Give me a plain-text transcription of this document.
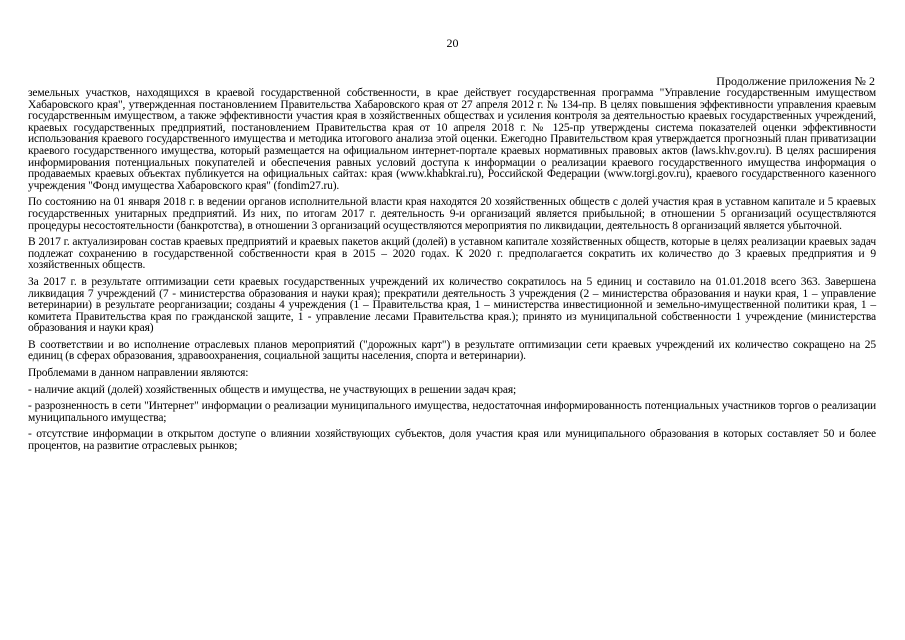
20
Продолжение приложения № 2

земельных участков, находящихся в краевой государственной собственности, в крае действует государственная программа "Управление государственным имуществом Хабаровского края", утвержденная постановлением Правительства Хабаровского края от 27 апреля 2012 г. № 134-пр. В целях повышения эффективности управления краевым государственным имуществом, а также эффективности участия края в хозяйственных обществах и усиления контроля за деятельностью краевых государственных учреждений, краевых государственных предприятий, постановлением Правительства края от 10 апреля 2018 г. № 125-пр утверждены система показателей оценки эффективности использования краевого государственного имущества и методика итогового анализа этой оценки. Ежегодно Правительством края утверждается прогнозный план приватизации краевого государственного имущества, который размещается на официальном интернет-портале краевых нормативных правовых актов (laws.khv.gov.ru). В целях расширения информирования потенциальных покупателей и обеспечения равных условий доступа к информации о реализации краевого государственного имущества информация о продаваемых краевых объектах публикуется на официальных сайтах: края (www.khabkrai.ru), Российской Федерации (www.torgi.gov.ru), краевого государственного казенного учреждения "Фонд имущества Хабаровского края" (fondim27.ru).

По состоянию на 01 января 2018 г. в ведении органов исполнительной власти края находятся 20 хозяйственных обществ с долей участия края в уставном капитале и 5 краевых государственных унитарных предприятий. Из них, по итогам 2017 г. деятельность 9-и организаций является прибыльной; в отношении 5 организаций осуществляются процедуры несостоятельности (банкротства), в отношении 3 организаций осуществляются мероприятия по ликвидации, деятельность 8 организаций является убыточной.

В 2017 г. актуализирован состав краевых предприятий и краевых пакетов акций (долей) в уставном капитале хозяйственных обществ, которые в целях реализации краевых задач подлежат сохранению в государственной собственности края в 2015 – 2020 годах. К 2020 г. предполагается сократить их количество до 3 краевых предприятия и 9 хозяйственных обществ.

За 2017 г. в результате оптимизации сети краевых государственных учреждений их количество сократилось на 5 единиц и составило на 01.01.2018 всего 363. Завершена ликвидация 7 учреждений (7 - министерства образования и науки края); прекратили деятельность 3 учреждения (2 – министерства образования и науки края, 1 – управление ветеринарии) в результате реорганизации; созданы 4 учреждения (1 – Правительства края, 1 – министерства инвестиционной и земельно-имущественной политики края, 1 – комитета Правительства края по гражданской защите, 1 - управление лесами Правительства края.); принято из муниципальной собственности 1 учреждение (министерства образования и науки края)

В соответствии и во исполнение отраслевых планов мероприятий ("дорожных карт") в результате оптимизации сети краевых учреждений их количество сокращено на 25 единиц (в сферах образования, здравоохранения, социальной защиты населения, спорта и ветеринарии).

Проблемами в данном направлении являются:

- наличие акций (долей) хозяйственных обществ и имущества, не участвующих в решении задач края;

- разрозненность в сети "Интернет" информации о реализации муниципального имущества, недостаточная информированность потенциальных участников торгов о реализации муниципального имущества;

- отсутствие информации в открытом доступе о влиянии хозяйствующих субъектов, доля участия края или муниципального образования в которых составляет 50 и более процентов, на развитие отраслевых рынков;
